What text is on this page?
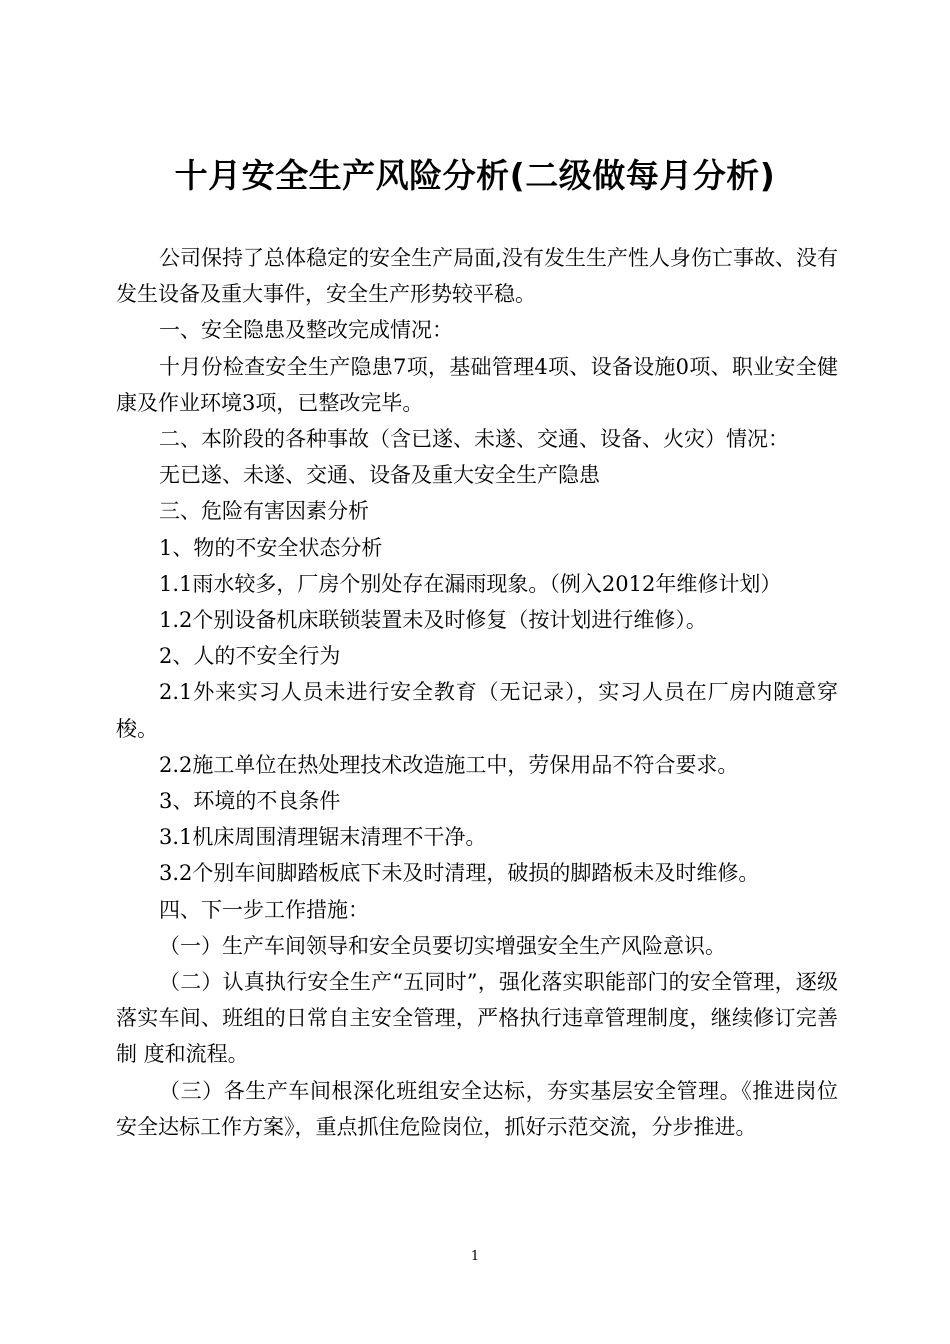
十月安全生产风险分析(二级做每月分析)

公司保持了总体稳定的安全生产局面,没有发生生产性人身伤亡事故、没有发生设备及重大事件，安全生产形势较平稳。

一、安全隐患及整改完成情况：

十月份检查安全生产隐患7项，基础管理4项、设备设施0项、职业安全健康及作业环境3项，已整改完毕。

二、本阶段的各种事故（含已遂、未遂、交通、设备、火灾）情况：

无已遂、未遂、交通、设备及重大安全生产隐患

三、危险有害因素分析

1、物的不安全状态分析

1.1雨水较多，厂房个别处存在漏雨现象。（例入2012年维修计划）

1.2个别设备机床联锁装置未及时修复（按计划进行维修）。

2、人的不安全行为

2.1外来实习人员未进行安全教育（无记录），实习人员在厂房内随意穿梭。

2.2施工单位在热处理技术改造施工中，劳保用品不符合要求。

3、环境的不良条件

3.1机床周围清理锯末清理不干净。

3.2个别车间脚踏板底下未及时清理，破损的脚踏板未及时维修。

四、下一步工作措施：

（一）生产车间领导和安全员要切实增强安全生产风险意识。

（二）认真执行安全生产“五同时”，强化落实职能部门的安全管理，逐级落实车间、班组的日常自主安全管理，严格执行违章管理制度，继续修订完善制 度和流程。

（三）各生产车间根深化班组安全达标，夯实基层安全管理。《推进岗位安全达标工作方案》，重点抓住危险岗位，抓好示范交流，分步推进。

1
